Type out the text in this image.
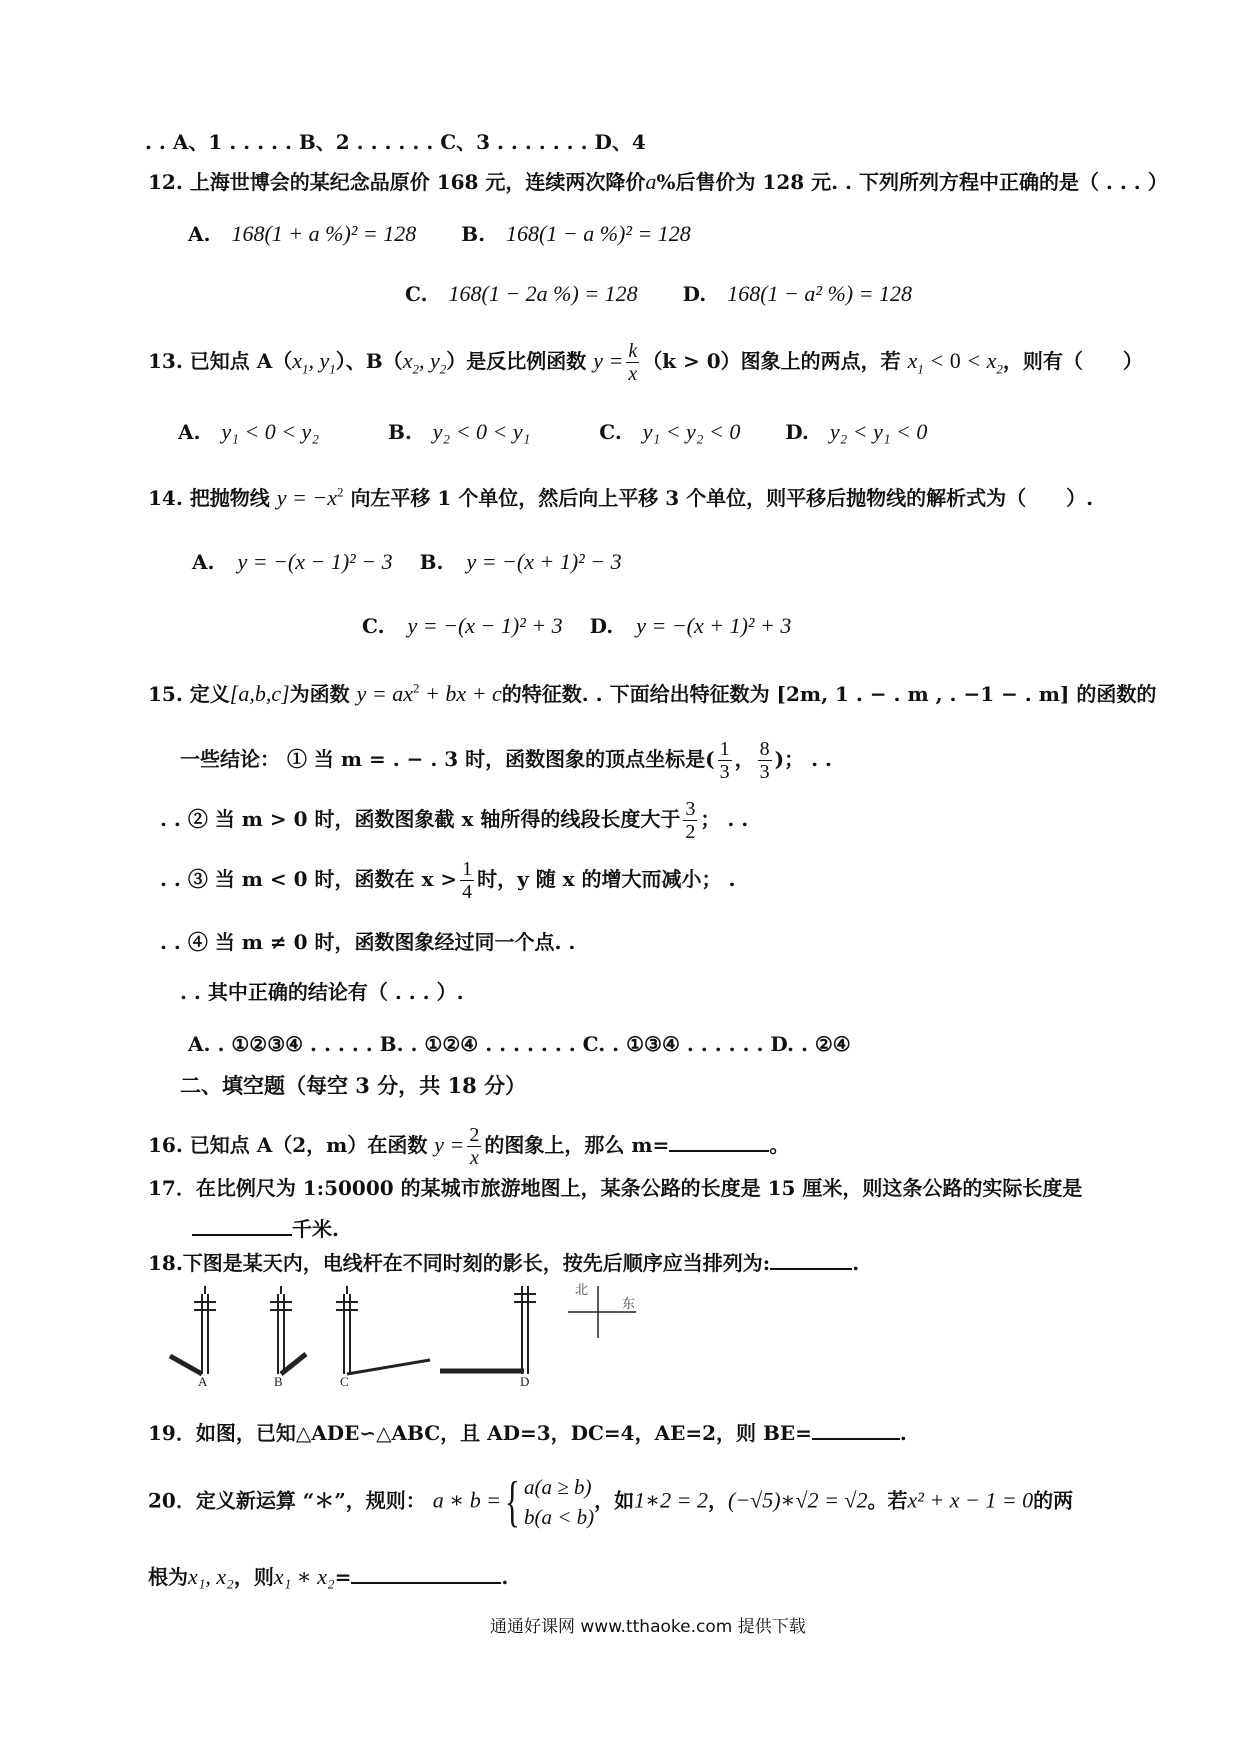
. . A、1 . . . . . B、2 . . . . . . C、3 . . . . . . . D、4
12. 上海世博会的某纪念品原价 168 元，连续两次降价a%后售价为 128 元. . 下列所列方程中正确的是（ . . . ）
A. 168(1 + a %)² = 128 B. 168(1 − a %)² = 128
C. 168(1 − 2a %) = 128 D. 168(1 − a² %) = 128
13. 已知点 $A(x_1$, $y_1$）、$B(x_2$, $y_2$）是反比例函数 $y = \frac{k}{x} (k > 0)$图象上的两点，若 $x_1 < 0 < x_2$，则有（　　）
A. y₁ < 0 < y₂	B. y₂ < 0 < y₁	C. y₁ < y₂ < 0 D. y₂ < y₁ < 0
14. 把抛物线 $y = -x^2$ 向左平移 1 个单位，然后向上平移 3 个单位，则平移后抛物线的解析式为（　　）.
A. y = −(x − 1)² − 3 B. y = −(x + 1)² − 3
C. y = −(x − 1)² + 3 D. y = −(x + 1)² + 3
15. 定义[a,b,c]为函数 $y = ax^2$ + bx + c的特征数. . 下面给出特征数为 [2m, 1 . − . m , . −1 − . m] 的函数的
一些结论： ① 当 m = . − . 3 时，函数图象的顶点坐标是( $\frac{1}{3}$ ， $\frac{8}{3}$ )； . .
. . ② 当 m > 0 时，函数图象截 x 轴所得的线段长度大于 $\frac{3}{2}$ ； . .
. . ③ 当 m < 0 时，函数在 $x > \frac{1}{4}$ 时，y 随 x 的增大而减小； .
. . ④ 当 m ≠ 0 时，函数图象经过同一个点. .
. . 其中正确的结论有（ . . . ）.
A. . ①②③④ . . . . . B. . ①②④ . . . . . . . C. . ①③④ . . . . . . D. . ②④
二、填空题（每空 3 分，共 18 分）
16. 已知点 A（2，m）在函数 $y = \frac{2}{x}$ 的图象上，那么 m=	。
17．在比例尺为 1:50000 的某城市旅游地图上，某条公路的长度是 15 厘米，则这条公路的实际长度是
千米.
18.下图是某天内，电线杆在不同时刻的影长，按先后顺序应当排列为:	.
A	B	C	D
北
东
19．如图，已知△ADE∽△ABC，且 AD=3，DC=4，AE=2，则 BE=	.
20．定义新运算 “＊”，规则： a ∗ b ={ a(a ≥ b)
b(a < b)
，如1∗2 = 2，(−√5)∗√2 = √2。若x² + x − 1 = 0的两
根为x₁, x₂，则x₁ ∗ x₂=	.
通通好课网 www.tthaoke.com 提供下载
